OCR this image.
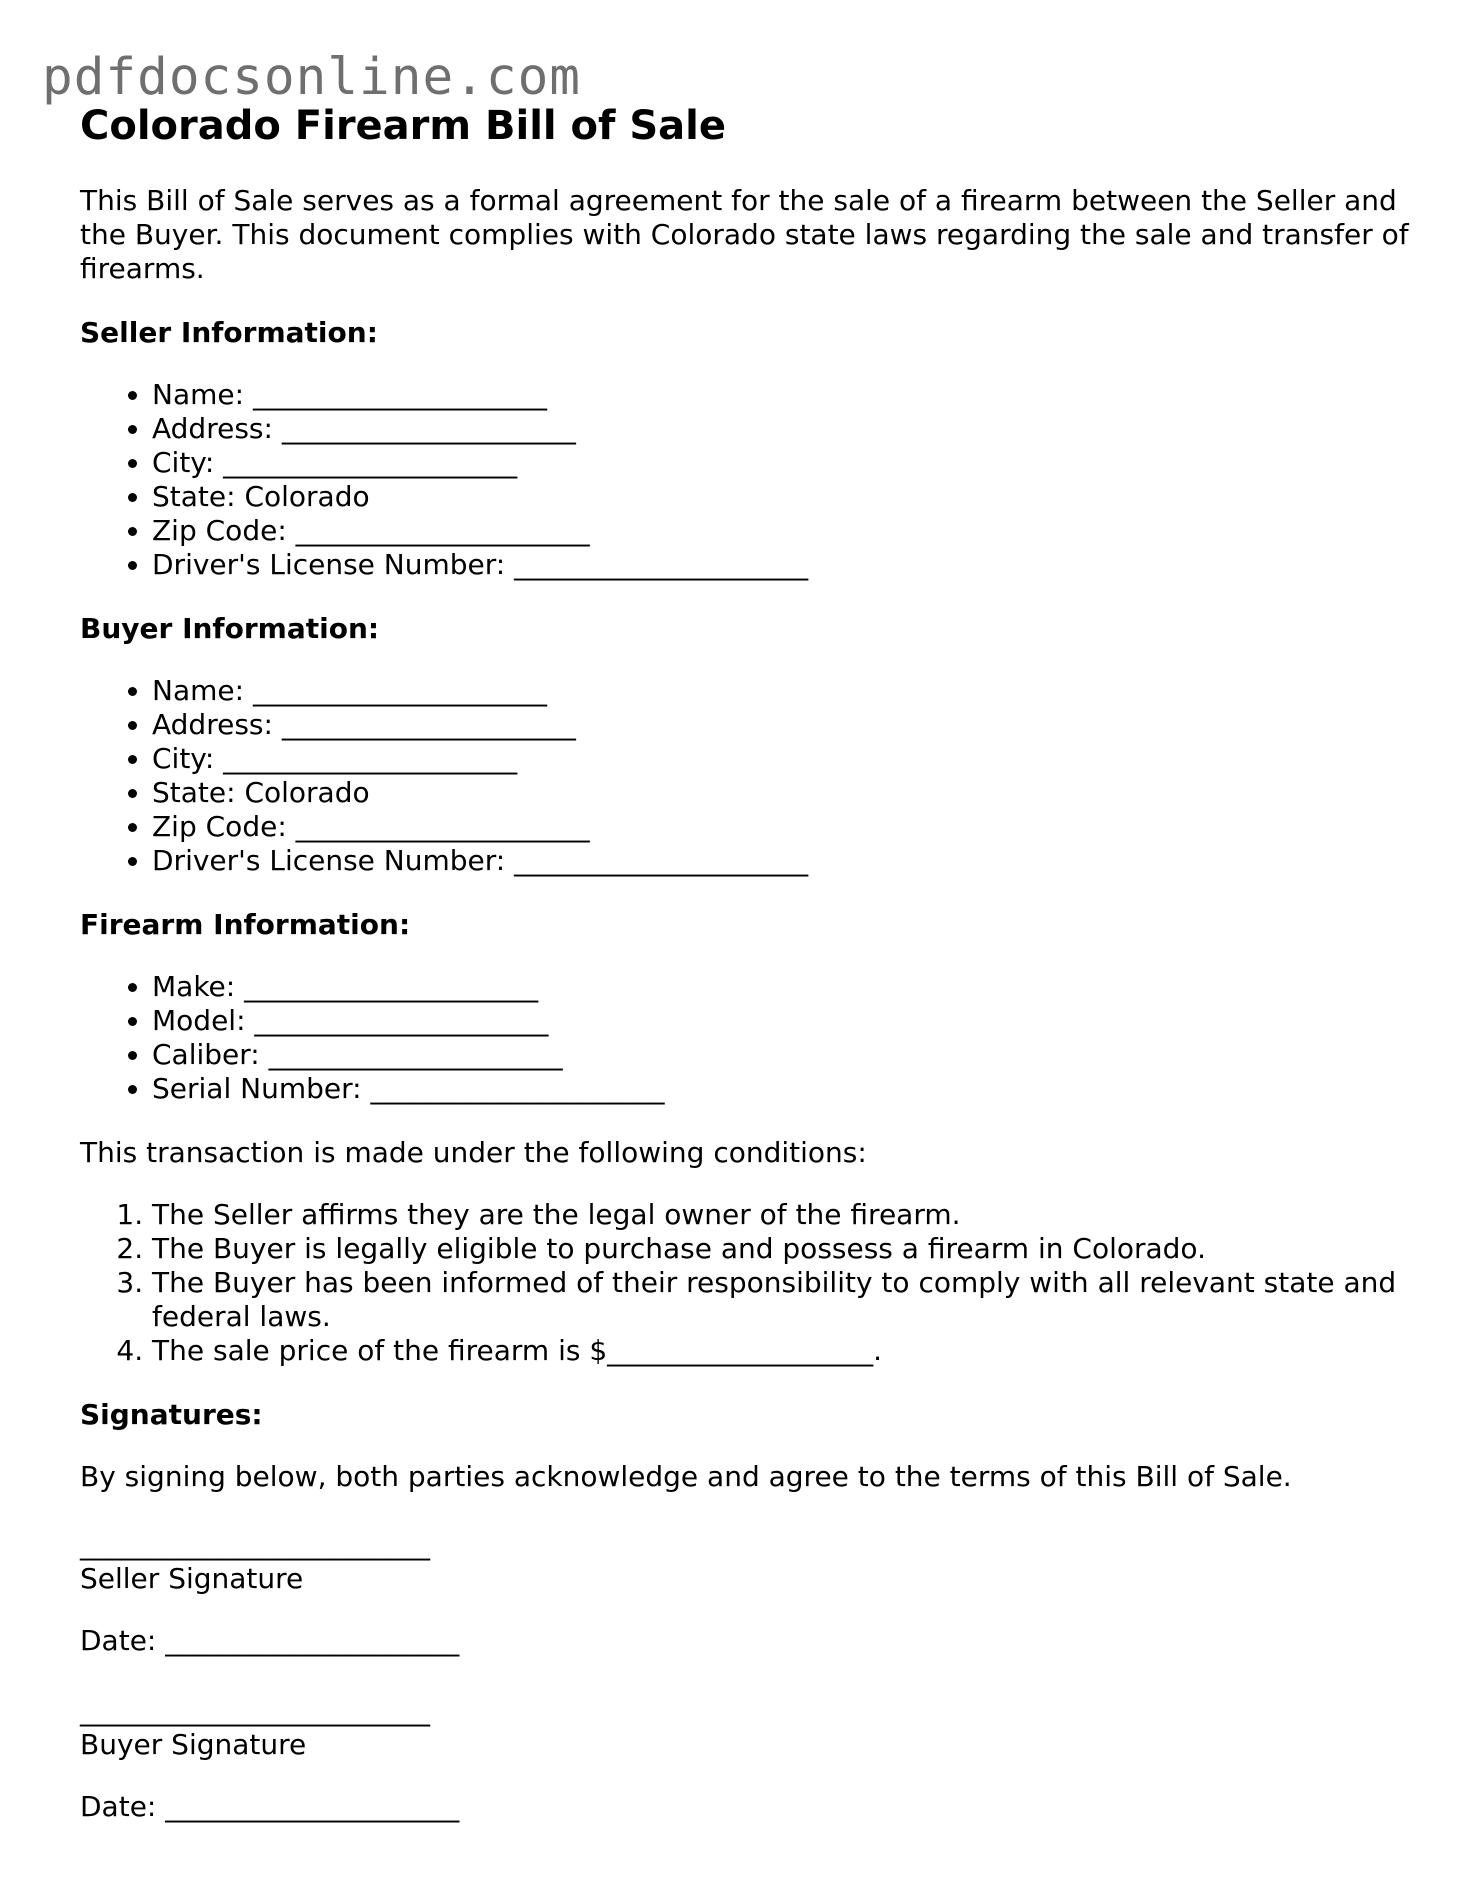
pdfdocsonline.com
Colorado Firearm Bill of Sale

This Bill of Sale serves as a formal agreement for the sale of a firearm between the Seller and the Buyer. This document complies with Colorado state laws regarding the sale and transfer of firearms.

Seller Information:
• Name: _____________________
• Address: _____________________
• City: _____________________
• State: Colorado
• Zip Code: _____________________
• Driver's License Number: _____________________
Buyer Information:
• Name: _____________________
• Address: _____________________
• City: _____________________
• State: Colorado
• Zip Code: _____________________
• Driver's License Number: _____________________
Firearm Information:
• Make: _____________________
• Model: _____________________
• Caliber: _____________________
• Serial Number: _____________________

This transaction is made under the following conditions:

1. The Seller affirms they are the legal owner of the firearm.
2. The Buyer is legally eligible to purchase and possess a firearm in Colorado.
3. The Buyer has been informed of their responsibility to comply with all relevant state and federal laws.
4. The sale price of the firearm is $___________________.
Signatures:

By signing below, both parties acknowledge and agree to the terms of this Bill of Sale.

_________________________
Seller Signature
Date: _____________________
_________________________
Buyer Signature
Date: _____________________
